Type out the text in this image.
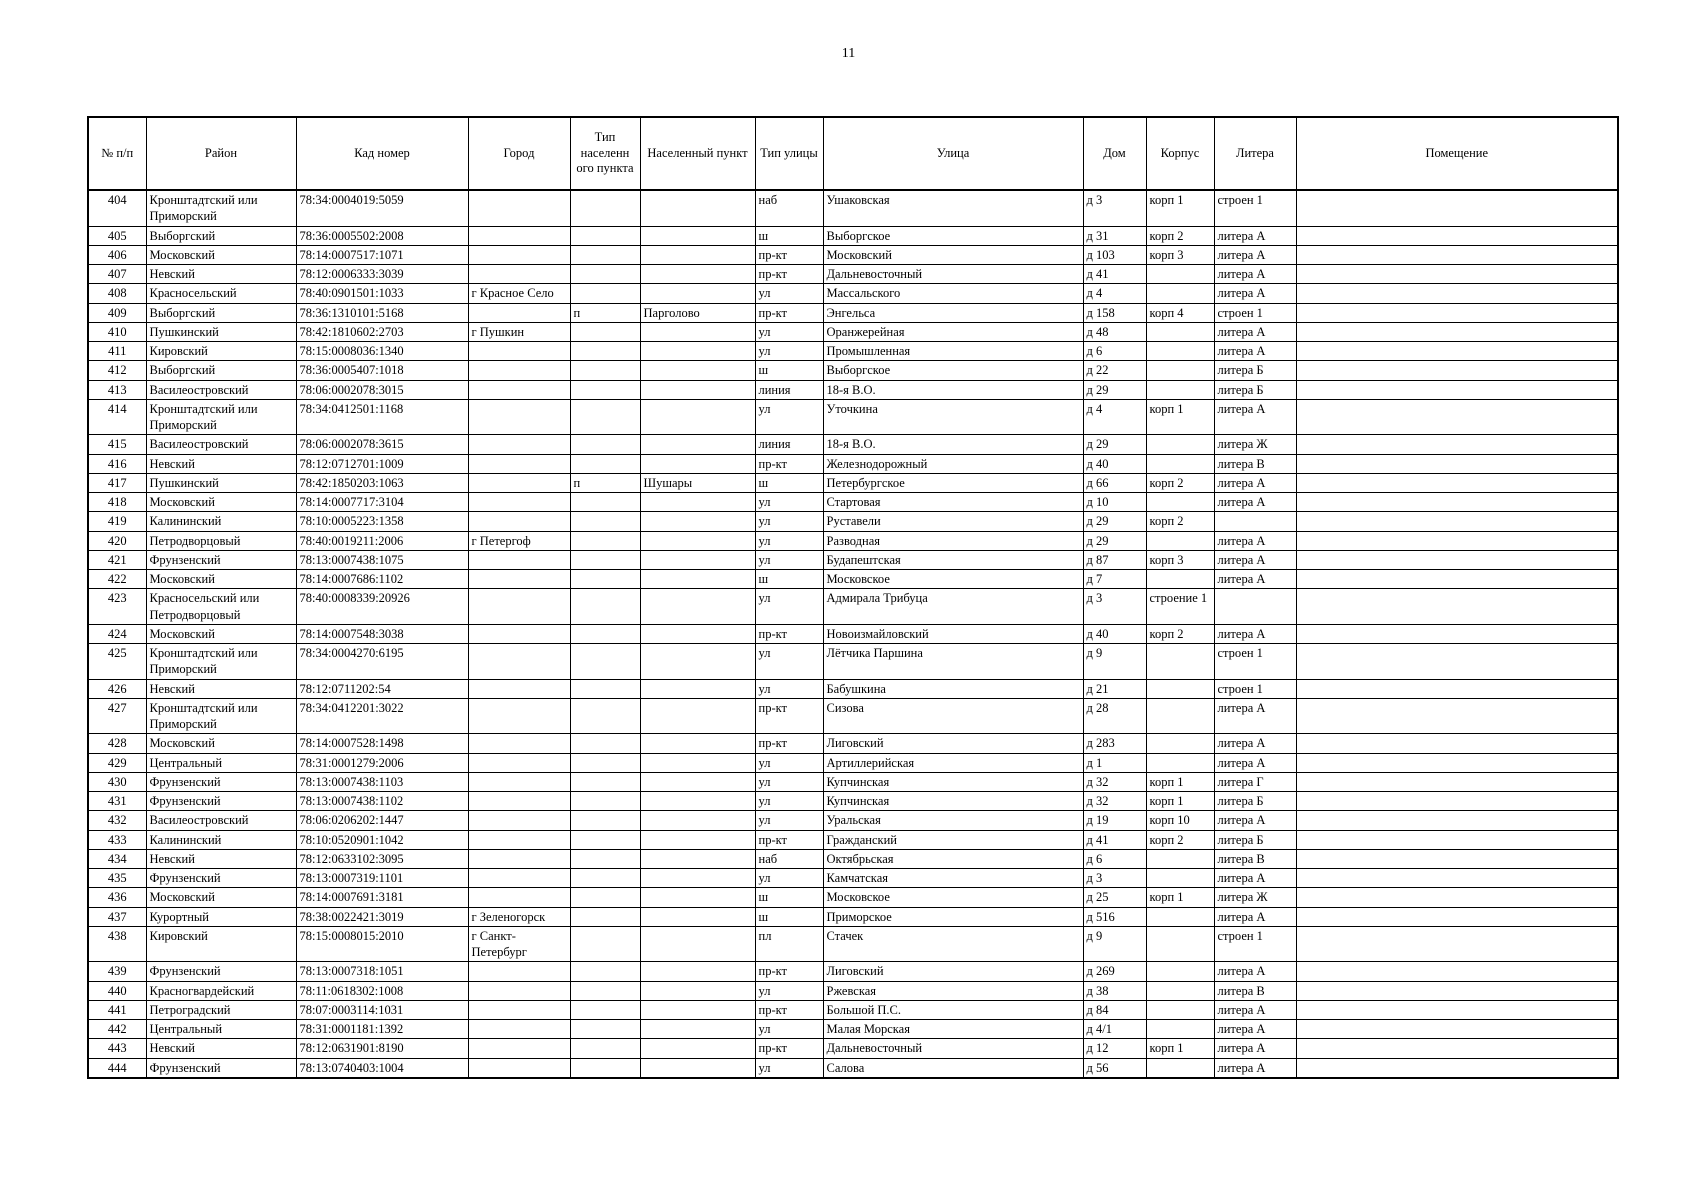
11
№ п/п	Район	Кад номер	Город	Тип населенн ого пункта	Населенный пункт	Тип улицы	Улица	Дом	Корпус	Литера	Помещение
404	Кронштадтский или Приморский	78:34:0004019:5059				наб	Ушаковская	д 3	корп 1	строен 1	
405	Выборгский	78:36:0005502:2008				ш	Выборгское	д 31	корп 2	литера А	
406	Московский	78:14:0007517:1071				пр-кт	Московский	д 103	корп 3	литера А	
407	Невский	78:12:0006333:3039				пр-кт	Дальневосточный	д 41		литера А	
408	Красносельский	78:40:0901501:1033	г Красное Село			ул	Массальского	д 4		литера А	
409	Выборгский	78:36:1310101:5168		п	Парголово	пр-кт	Энгельса	д 158	корп 4	строен 1	
410	Пушкинский	78:42:1810602:2703	г Пушкин			ул	Оранжерейная	д 48		литера А	
411	Кировский	78:15:0008036:1340				ул	Промышленная	д 6		литера А	
412	Выборгский	78:36:0005407:1018				ш	Выборгское	д 22		литера Б	
413	Василеостровский	78:06:0002078:3015				линия	18-я В.О.	д 29		литера Б	
414	Кронштадтский или Приморский	78:34:0412501:1168				ул	Уточкина	д 4	корп 1	литера А	
415	Василеостровский	78:06:0002078:3615				линия	18-я В.О.	д 29		литера Ж	
416	Невский	78:12:0712701:1009				пр-кт	Железнодорожный	д 40		литера В	
417	Пушкинский	78:42:1850203:1063		п	Шушары	ш	Петербургское	д 66	корп 2	литера А	
418	Московский	78:14:0007717:3104				ул	Стартовая	д 10		литера А	
419	Калининский	78:10:0005223:1358				ул	Руставели	д 29	корп 2		
420	Петродворцовый	78:40:0019211:2006	г Петергоф			ул	Разводная	д 29		литера А	
421	Фрунзенский	78:13:0007438:1075				ул	Будапештская	д 87	корп 3	литера А	
422	Московский	78:14:0007686:1102				ш	Московское	д 7		литера А	
423	Красносельский или Петродворцовый	78:40:0008339:20926				ул	Адмирала Трибуца	д 3	строение 1		
424	Московский	78:14:0007548:3038				пр-кт	Новоизмайловский	д 40	корп 2	литера А	
425	Кронштадтский или Приморский	78:34:0004270:6195				ул	Лётчика Паршина	д 9		строен 1	
426	Невский	78:12:0711202:54				ул	Бабушкина	д 21		строен 1	
427	Кронштадтский или Приморский	78:34:0412201:3022				пр-кт	Сизова	д 28		литера А	
428	Московский	78:14:0007528:1498				пр-кт	Лиговский	д 283		литера А	
429	Центральный	78:31:0001279:2006				ул	Артиллерийская	д 1		литера А	
430	Фрунзенский	78:13:0007438:1103				ул	Купчинская	д 32	корп 1	литера Г	
431	Фрунзенский	78:13:0007438:1102				ул	Купчинская	д 32	корп 1	литера Б	
432	Василеостровский	78:06:0206202:1447				ул	Уральская	д 19	корп 10	литера А	
433	Калининский	78:10:0520901:1042				пр-кт	Гражданский	д 41	корп 2	литера Б	
434	Невский	78:12:0633102:3095				наб	Октябрьская	д 6		литера В	
435	Фрунзенский	78:13:0007319:1101				ул	Камчатская	д 3		литера А	
436	Московский	78:14:0007691:3181				ш	Московское	д 25	корп 1	литера Ж	
437	Курортный	78:38:0022421:3019	г Зеленогорск			ш	Приморское	д 516		литера А	
438	Кировский	78:15:0008015:2010	г Санкт-Петербург			пл	Стачек	д 9		строен 1	
439	Фрунзенский	78:13:0007318:1051				пр-кт	Лиговский	д 269		литера А	
440	Красногвардейский	78:11:0618302:1008				ул	Ржевская	д 38		литера В	
441	Петроградский	78:07:0003114:1031				пр-кт	Большой П.С.	д 84		литера А	
442	Центральный	78:31:0001181:1392				ул	Малая Морская	д 4/1		литера А	
443	Невский	78:12:0631901:8190				пр-кт	Дальневосточный	д 12	корп 1	литера А	
444	Фрунзенский	78:13:0740403:1004				ул	Салова	д 56		литера А	
